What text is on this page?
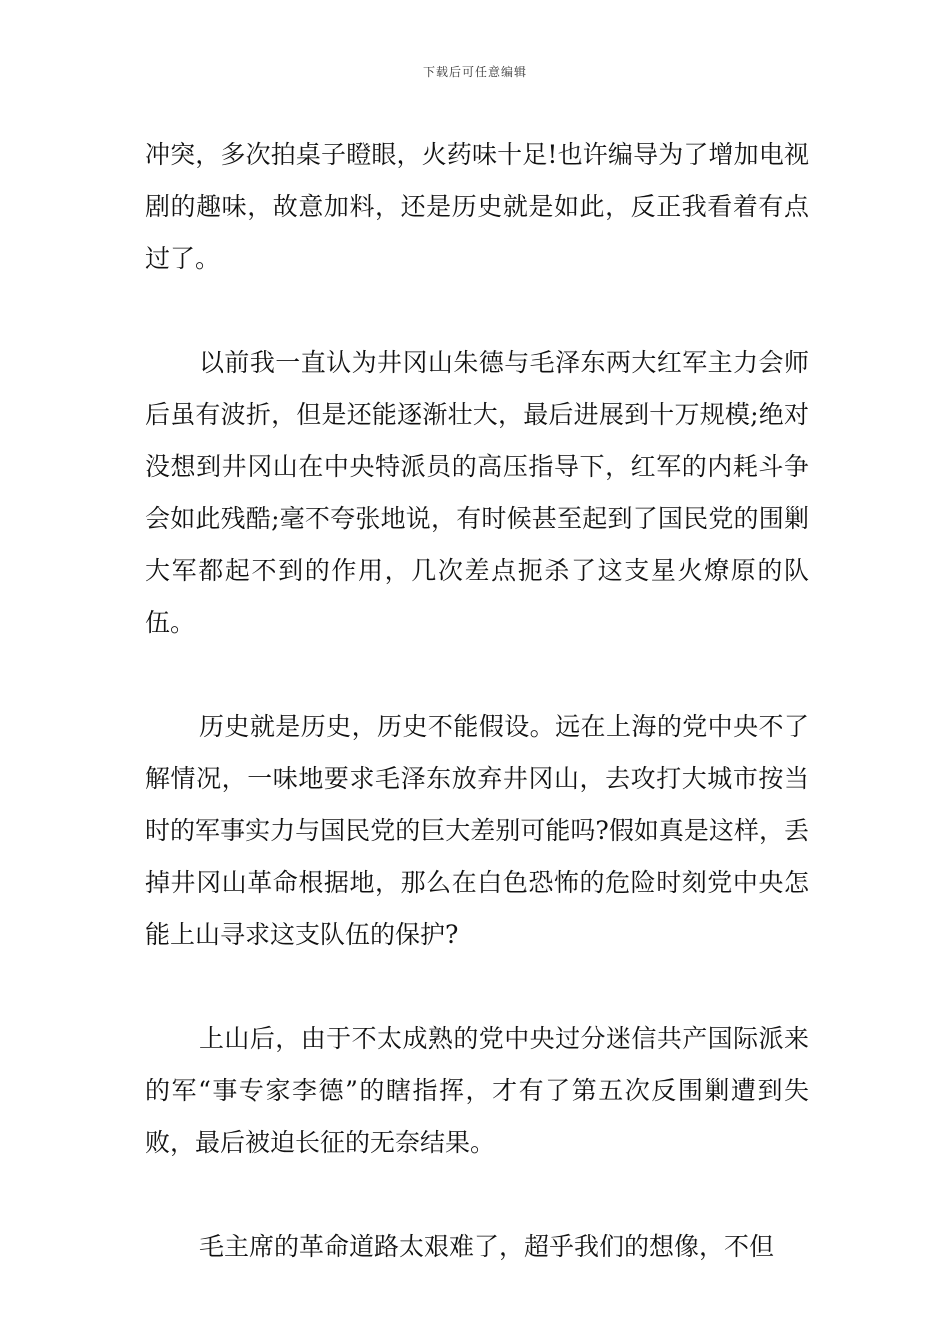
下载后可任意编辑

冲突，多次拍桌子瞪眼，火药味十足!也许编导为了增加电视剧的趣味，故意加料，还是历史就是如此，反正我看着有点过了。

以前我一直认为井冈山朱德与毛泽东两大红军主力会师后虽有波折，但是还能逐渐壮大，最后进展到十万规模;绝对没想到井冈山在中央特派员的高压指导下，红军的内耗斗争会如此残酷;毫不夸张地说，有时候甚至起到了国民党的围剿大军都起不到的作用，几次差点扼杀了这支星火燎原的队伍。

历史就是历史，历史不能假设。远在上海的党中央不了解情况，一味地要求毛泽东放弃井冈山，去攻打大城市按当时的军事实力与国民党的巨大差别可能吗?假如真是这样，丢掉井冈山革命根据地，那么在白色恐怖的危险时刻党中央怎能上山寻求这支队伍的保护?

上山后，由于不太成熟的党中央过分迷信共产国际派来的军“事专家李德”的瞎指挥，才有了第五次反围剿遭到失败，最后被迫长征的无奈结果。

毛主席的革命道路太艰难了，超乎我们的想像，不但
